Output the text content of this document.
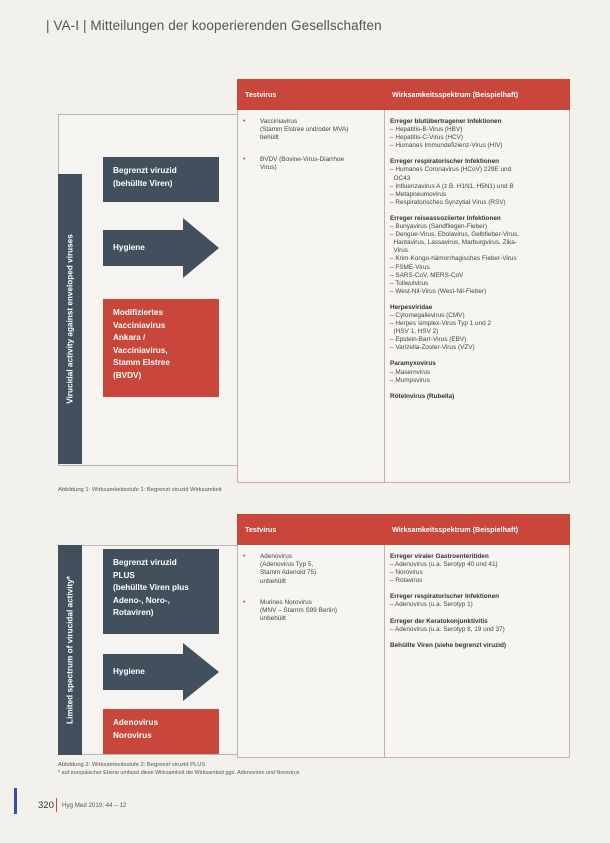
| VA-I | Mitteilungen der kooperierenden Gesellschaften
Testvirus	Wirksamkeitsspektrum (Beispielhaft)
Virucidal activity against enveloped viruses
Begrenzt viruzid
(behüllte Viren)
Hygiene
Modifiziertes
Vacciniavirus
Ankara /
Vacciniavirus,
Stamm Elstree
(BVDV)
• Vacciniavirus
(Stamm Elstree und/oder MVA)
behüllt
• BVDV (Bovine-Virus-Diarrhoe
Virus)
Erreger blutübertragener Infektionen
– Hepatitis-B-Virus (HBV)
– Hepatitis-C-Virus (HCV)
– Humanes Immundefizienz-Virus (HIV)
Erreger respiratorischer Infektionen
– Humanes Coronavirus (HCoV) 229E und
OC43
– Influenzavirus A (z.B. H1N1, H5N1) und B
– Metapneumovirus
– Respiratorisches Synzytial Virus (RSV)
Erreger reiseassoziierter Infektionen
– Bunyavirus (Sandfliegen-Fieber)
– Dengue-Virus, Ebolavirus, Gelbfieber-Virus,
Hantavirus, Lassavirus, Marburgvirus, Zika-
Virus
– Krim-Kongo-hämorrhagisches Fieber-Virus
– FSME-Virus
– SARS-CoV, MERS-CoV
– Tollwutvirus
– West-Nil-Virus (West-Nil-Fieber)
Herpesviridae
– Cytomegalievirus (CMV)
– Herpes simplex-Virus Typ 1 und 2
(HSV 1, HSV 2)
– Epstein-Barr-Virus (EBV)
– Varizella-Zoster-Virus (VZV)
Paramyxovirus
– Masernvirus
– Mumpsvirus
Rötelnvirus (Rubella)
Abbildung 1: Wirksamkeitsstufe 1: Begrenzt viruzid Wirksamkeit
Testvirus	Wirksamkeitsspektrum (Beispielhaft)
Limited spectrum of virucidal activity*
Begrenzt viruzid
PLUS
(behüllte Viren plus
Adeno-, Noro-,
Rotaviren)
Hygiene
Adenovirus
Norovirus
• Adenovirus
(Adenovirus Typ 5,
Stamm Adenoid 75)
unbehüllt
• Murines Norovirus
(MNV – Stamm S99 Berlin)
unbehüllt
Erreger viraler Gastroenteritiden
– Adenovirus (u.a. Serotyp 40 und 41)
– Norovirus
– Rotavirus
Erreger respiratorischer Infektionen
– Adenovirus (u.a. Serotyp 1)
Erreger der Keratokonjunktivitis
– Adenovirus (u.a. Serotyp 8, 19 und 37)
Behüllte Viren (siehe begrenzt viruzid)
Abbildung 2: Wirksamkeitsstufe 2: Begrenzt viruzid PLUS
* auf europäischer Ebene umfasst diese Wirksamkeit die Wirksamkeit ggü. Adenoviren und Norovirus
320 Hyg Med 2019; 44 – 12
